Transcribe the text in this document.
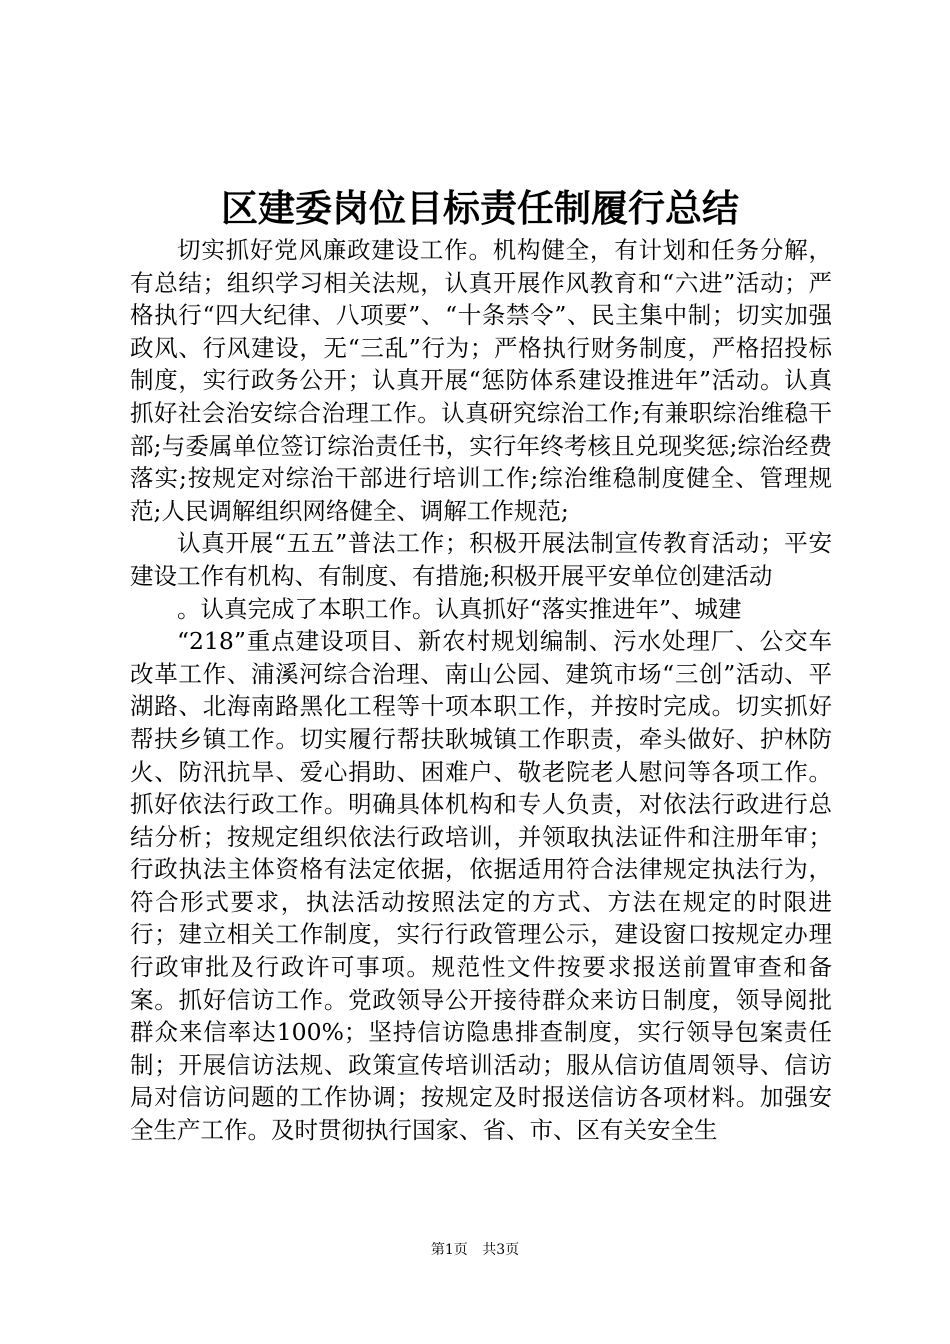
区建委岗位目标责任制履行总结

切实抓好党风廉政建设工作。机构健全，有计划和任务分解，有总结；组织学习相关法规，认真开展作风教育和“六进”活动；严格执行“四大纪律、八项要”、“十条禁令”、民主集中制；切实加强政风、行风建设，无“三乱”行为；严格执行财务制度，严格招投标制度，实行政务公开；认真开展“惩防体系建设推进年”活动。认真抓好社会治安综合治理工作。认真研究综治工作;有兼职综治维稳干部;与委属单位签订综治责任书，实行年终考核且兑现奖惩;综治经费落实;按规定对综治干部进行培训工作;综治维稳制度健全、管理规范;人民调解组织网络健全、调解工作规范;

认真开展“五五”普法工作；积极开展法制宣传教育活动；平安建设工作有机构、有制度、有措施;积极开展平安单位创建活动

。认真完成了本职工作。认真抓好“落实推进年”、城建

“218”重点建设项目、新农村规划编制、污水处理厂、公交车改革工作、浦溪河综合治理、南山公园、建筑市场“三创”活动、平湖路、北海南路黑化工程等十项本职工作，并按时完成。切实抓好帮扶乡镇工作。切实履行帮扶耿城镇工作职责，牵头做好、护林防火、防汛抗旱、爱心捐助、困难户、敬老院老人慰问等各项工作。抓好依法行政工作。明确具体机构和专人负责，对依法行政进行总结分析；按规定组织依法行政培训，并领取执法证件和注册年审；行政执法主体资格有法定依据，依据适用符合法律规定执法行为，符合形式要求，执法活动按照法定的方式、方法在规定的时限进行；建立相关工作制度，实行行政管理公示，建设窗口按规定办理行政审批及行政许可事项。规范性文件按要求报送前置审查和备案。抓好信访工作。党政领导公开接待群众来访日制度，领导阅批群众来信率达100%；坚持信访隐患排查制度，实行领导包案责任制；开展信访法规、政策宣传培训活动；服从信访值周领导、信访局对信访问题的工作协调；按规定及时报送信访各项材料。加强安全生产工作。及时贯彻执行国家、省、市、区有关安全生

第1页 共3页
